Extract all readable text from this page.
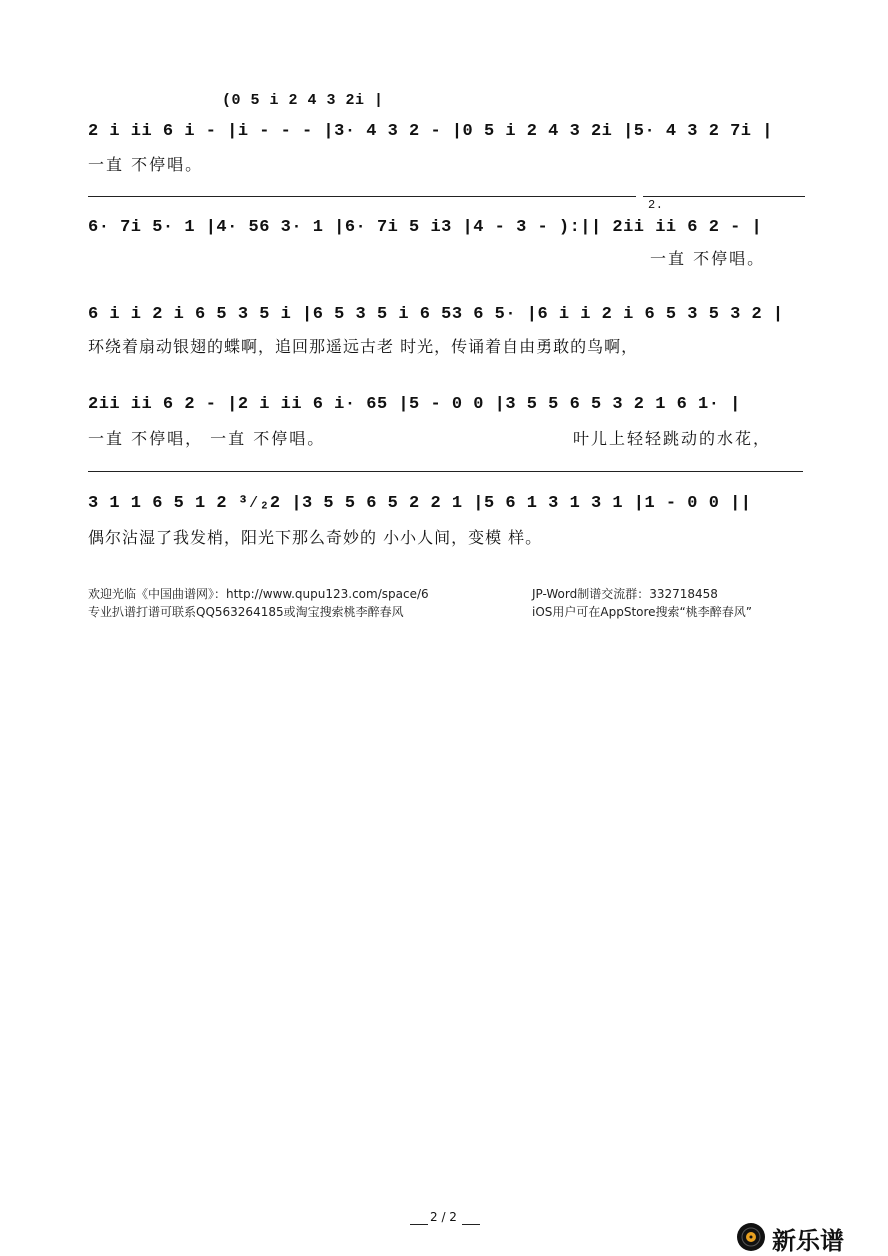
(0 5 i 2 4 3 2i |
2 i ii 6 i - |i - - - |3· 4 3 2 - |0 5 i 2 4 3 2i |5· 4 3 2 7i |
一直 不停唱。
2.
6· 7i 5· 1 |4· 56 3· 1 |6· 7i 5 i3 |4 - 3 - ):|| 2ii ii 6 2 - |
一直 不停唱。
6 i i 2 i 6 5 3 5 i |6 5 3 5 i 6 53 6 5· |6 i i 2 i 6 5 3 5 3 2 |
环绕着扇动银翅的蝶啊，追回那遥远古老 时光，传诵着自由勇敢的鸟啊，
2ii ii 6 2 - |2 i ii 6 i· 65 |5 - 0 0 |3 5 5 6 5 3 2 1 6 1· |
一直 不停唱， 一直 不停唱。	叶儿上轻轻跳动的水花，
3 1 1 6 5 1 2 ³⁄₂2 |3 5 5 6 5 2 2 1 |5 6 1 3 1 3 1 |1 - 0 0 ||
偶尔沾湿了我发梢，阳光下那么奇妙的 小小人间，变模 样。
欢迎光临《中国曲谱网》：http://www.qupu123.com/space/6	JP-Word制谱交流群：332718458
专业扒谱打谱可联系QQ563264185或淘宝搜索桃李醉春风	iOS用户可在AppStore搜索“桃李醉春风”
2 / 2
新乐谱
